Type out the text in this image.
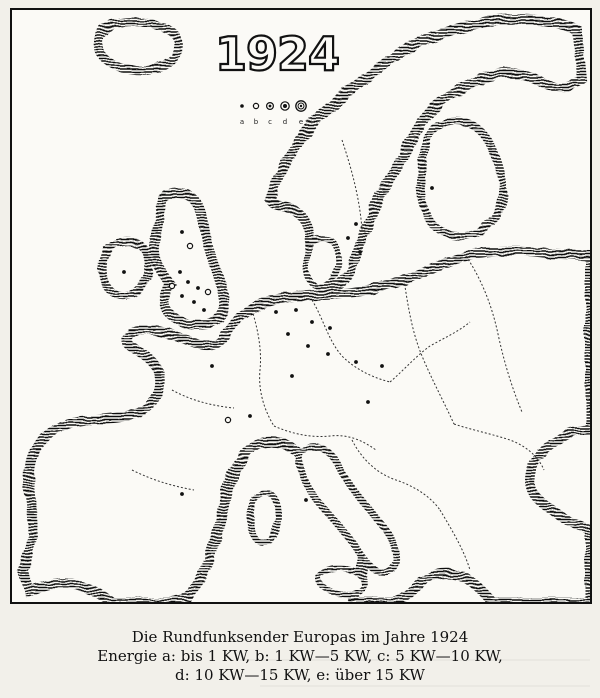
1924
a b c d e
Die Rundfunksender Europas im Jahre 1924
Energie a: bis 1 KW, b: 1 KW—5 KW, c: 5 KW—10 KW,
d: 10 KW—15 KW, e: über 15 KW
